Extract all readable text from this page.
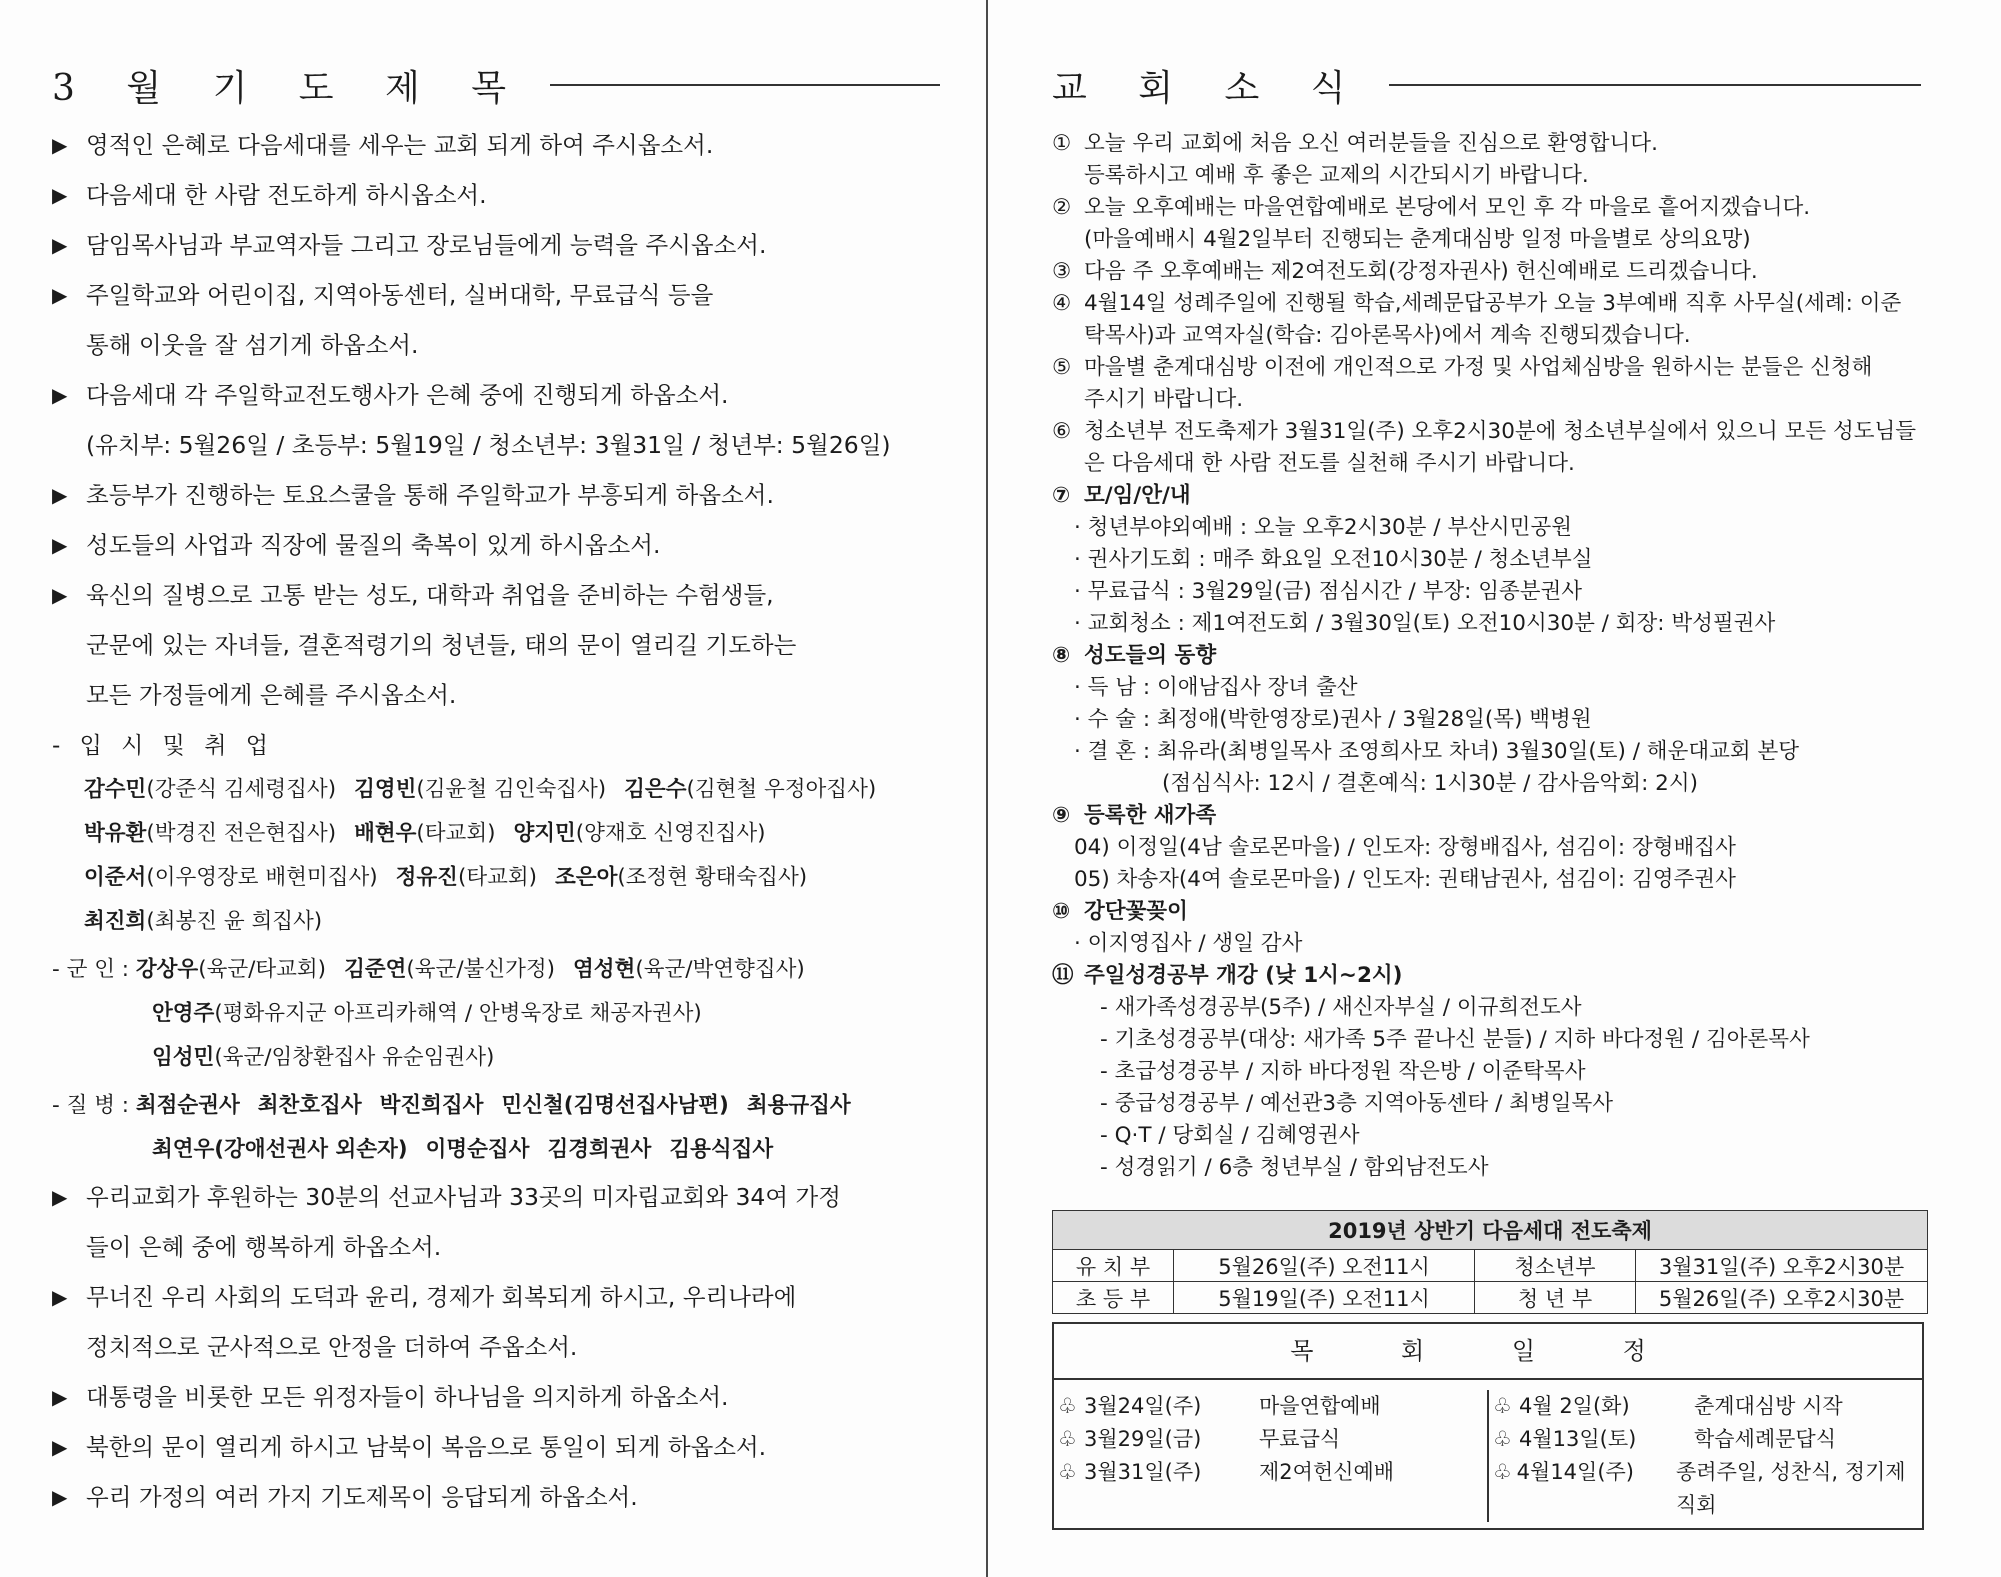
3 월 기 도 제 목
▶ 영적인 은혜로 다음세대를 세우는 교회 되게 하여 주시옵소서.
▶ 다음세대 한 사람 전도하게 하시옵소서.
▶ 담임목사님과 부교역자들 그리고 장로님들에게 능력을 주시옵소서.
▶ 주일학교와 어린이집, 지역아동센터, 실버대학, 무료급식 등을
통해 이웃을 잘 섬기게 하옵소서.
▶ 다음세대 각 주일학교전도행사가 은혜 중에 진행되게 하옵소서.
(유치부: 5월26일 / 초등부: 5월19일 / 청소년부: 3월31일 / 청년부: 5월26일)
▶ 초등부가 진행하는 토요스쿨을 통해 주일학교가 부흥되게 하옵소서.
▶ 성도들의 사업과 직장에 물질의 축복이 있게 하시옵소서.
▶ 육신의 질병으로 고통 받는 성도, 대학과 취업을 준비하는 수험생들,
군문에 있는 자녀들, 결혼적령기의 청년들, 태의 문이 열리길 기도하는
모든 가정들에게 은혜를 주시옵소서.
- 입 시 및 취 업
감수민(강준식 김세령집사) 김영빈(김윤철 김인숙집사) 김은수(김현철 우정아집사)
박유환(박경진 전은현집사) 배현우(타교회) 양지민(양재호 신영진집사)
이준서(이우영장로 배현미집사) 정유진(타교회) 조은아(조정현 황태숙집사)
최진희(최봉진 윤 희집사)
- 군 인 : 강상우(육군/타교회) 김준연(육군/불신가정) 염성현(육군/박연향집사)
안영주(평화유지군 아프리카해역 / 안병욱장로 채공자권사)
임성민(육군/임창환집사 유순임권사)
- 질 병 : 최점순권사 최찬호집사 박진희집사 민신철(김명선집사남편) 최용규집사
최연우(강애선권사 외손자) 이명순집사 김경희권사 김용식집사
▶ 우리교회가 후원하는 30분의 선교사님과 33곳의 미자립교회와 34여 가정
들이 은혜 중에 행복하게 하옵소서.
▶ 무너진 우리 사회의 도덕과 윤리, 경제가 회복되게 하시고, 우리나라에
정치적으로 군사적으로 안정을 더하여 주옵소서.
▶ 대통령을 비롯한 모든 위정자들이 하나님을 의지하게 하옵소서.
▶ 북한의 문이 열리게 하시고 남북이 복음으로 통일이 되게 하옵소서.
▶ 우리 가정의 여러 가지 기도제목이 응답되게 하옵소서.
교 회 소 식
① 오늘 우리 교회에 처음 오신 여러분들을 진심으로 환영합니다.
등록하시고 예배 후 좋은 교제의 시간되시기 바랍니다.
② 오늘 오후예배는 마을연합예배로 본당에서 모인 후 각 마을로 흩어지겠습니다.
(마을예배시 4월2일부터 진행되는 춘계대심방 일정 마을별로 상의요망)
③ 다음 주 오후예배는 제2여전도회(강정자권사) 헌신예배로 드리겠습니다.
④ 4월14일 성례주일에 진행될 학습,세례문답공부가 오늘 3부예배 직후 사무실(세례: 이준
탁목사)과 교역자실(학습: 김아론목사)에서 계속 진행되겠습니다.
⑤ 마을별 춘계대심방 이전에 개인적으로 가정 및 사업체심방을 원하시는 분들은 신청해
주시기 바랍니다.
⑥ 청소년부 전도축제가 3월31일(주) 오후2시30분에 청소년부실에서 있으니 모든 성도님들
은 다음세대 한 사람 전도를 실천해 주시기 바랍니다.
⑦ 모/임/안/내
· 청년부야외예배 : 오늘 오후2시30분 / 부산시민공원
· 권사기도회 : 매주 화요일 오전10시30분 / 청소년부실
· 무료급식 : 3월29일(금) 점심시간 / 부장: 임종분권사
· 교회청소 : 제1여전도회 / 3월30일(토) 오전10시30분 / 회장: 박성필권사
⑧ 성도들의 동향
· 득 남 : 이애남집사 장녀 출산
· 수 술 : 최정애(박한영장로)권사 / 3월28일(목) 백병원
· 결 혼 : 최유라(최병일목사 조영희사모 차녀) 3월30일(토) / 해운대교회 본당
(점심식사: 12시 / 결혼예식: 1시30분 / 감사음악회: 2시)
⑨ 등록한 새가족
04) 이정일(4남 솔로몬마을) / 인도자: 장형배집사, 섬김이: 장형배집사
05) 차송자(4여 솔로몬마을) / 인도자: 권태남권사, 섬김이: 김영주권사
⑩ 강단꽃꽂이
· 이지영집사 / 생일 감사
⑪ 주일성경공부 개강 (낮 1시~2시)
- 새가족성경공부(5주) / 새신자부실 / 이규희전도사
- 기초성경공부(대상: 새가족 5주 끝나신 분들) / 지하 바다정원 / 김아론목사
- 초급성경공부 / 지하 바다정원 작은방 / 이준탁목사
- 중급성경공부 / 예선관3층 지역아동센타 / 최병일목사
- Q·T / 당회실 / 김혜영권사
- 성경읽기 / 6층 청년부실 / 함외남전도사
2019년 상반기 다음세대 전도축제			
유 치 부	5월26일(주) 오전11시	청소년부	3월31일(주) 오후2시30분
초 등 부	5월19일(주) 오전11시	청 년 부	5월26일(주) 오후2시30분
목 회 일 정
♧ 3월24일(주)	마을연합예배
♧ 3월29일(금)	무료급식
♧ 3월31일(주)	제2여헌신예배
♧ 4월 2일(화)	춘계대심방 시작
♧ 4월13일(토)	학습세례문답식
♧ 4월14일(주)	종려주일, 성찬식, 정기제직회
